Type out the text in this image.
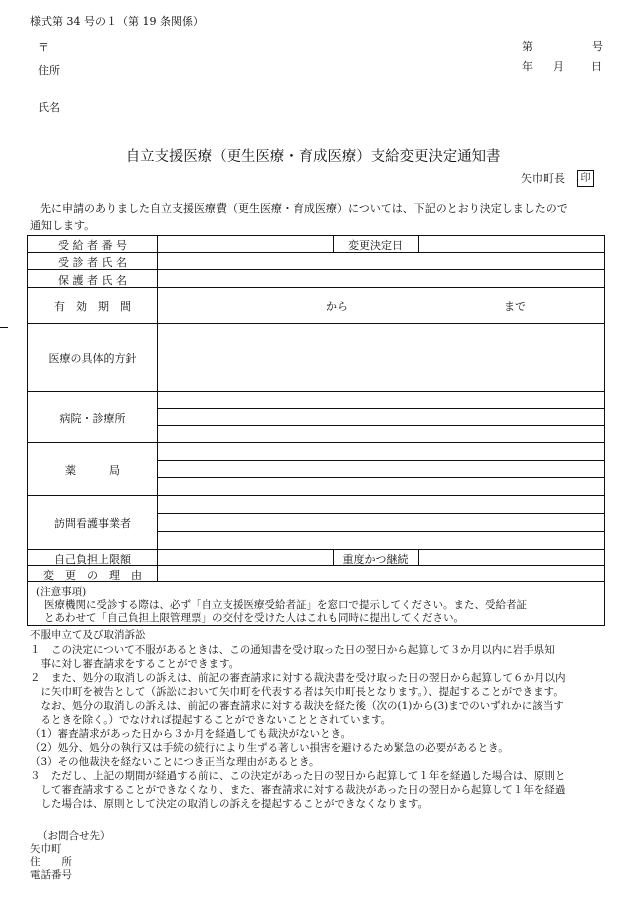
様式第 34 号の１（第 19 条関係）
〒
住所
氏名
第	号
年 月 日
自立支援医療（更生医療・育成医療）支給変更決定通知書
矢巾町長	印
先に申請のありました自立支援医療費（更生医療・育成医療）については、下記のとおり決定しましたので
通知します。
受 給 者 番 号	変更決定日
受 診 者 氏 名
保 護 者 氏 名
有　効　期　間	から	まで
医療の具体的方針
病院・診療所
薬　　　局
訪問看護事業者
自己負担上限額	重度かつ継続
変　更　の　理　由
(注意事項)
医療機関に受診する際は、必ず「自立支援医療受給者証」を窓口で提示してください。また、受給者証
とあわせて「自己負担上限管理票」の交付を受けた人はこれも同時に提出してください。
不服申立て及び取消訴訟
１　この決定について不服があるときは、この通知書を受け取った日の翌日から起算して３か月以内に岩手県知
　事に対し審査請求をすることができます。
２　また、処分の取消しの訴えは、前記の審査請求に対する裁決書を受け取った日の翌日から起算して６か月以内
　に矢巾町を被告として（訴訟において矢巾町を代表する者は矢巾町長となります。）、提起することができます。
　なお、処分の取消しの訴えは、前記の審査請求に対する裁決を経た後（次の(1)から(3)までのいずれかに該当す
　るときを除く。）でなければ提起することができないこととされています。
（1）審査請求があった日から３か月を経過しても裁決がないとき。
（2）処分、処分の執行又は手続の続行により生ずる著しい損害を避けるため緊急の必要があるとき。
（3）その他裁決を経ないことにつき正当な理由があるとき。
３　ただし、上記の期間が経過する前に、この決定があった日の翌日から起算して１年を経過した場合は、原則と
　して審査請求することができなくなり、また、審査請求に対する裁決があった日の翌日から起算して１年を経過
　した場合は、原則として決定の取消しの訴えを提起することができなくなります。
（お問合せ先）
矢巾町
住　　所
電話番号
